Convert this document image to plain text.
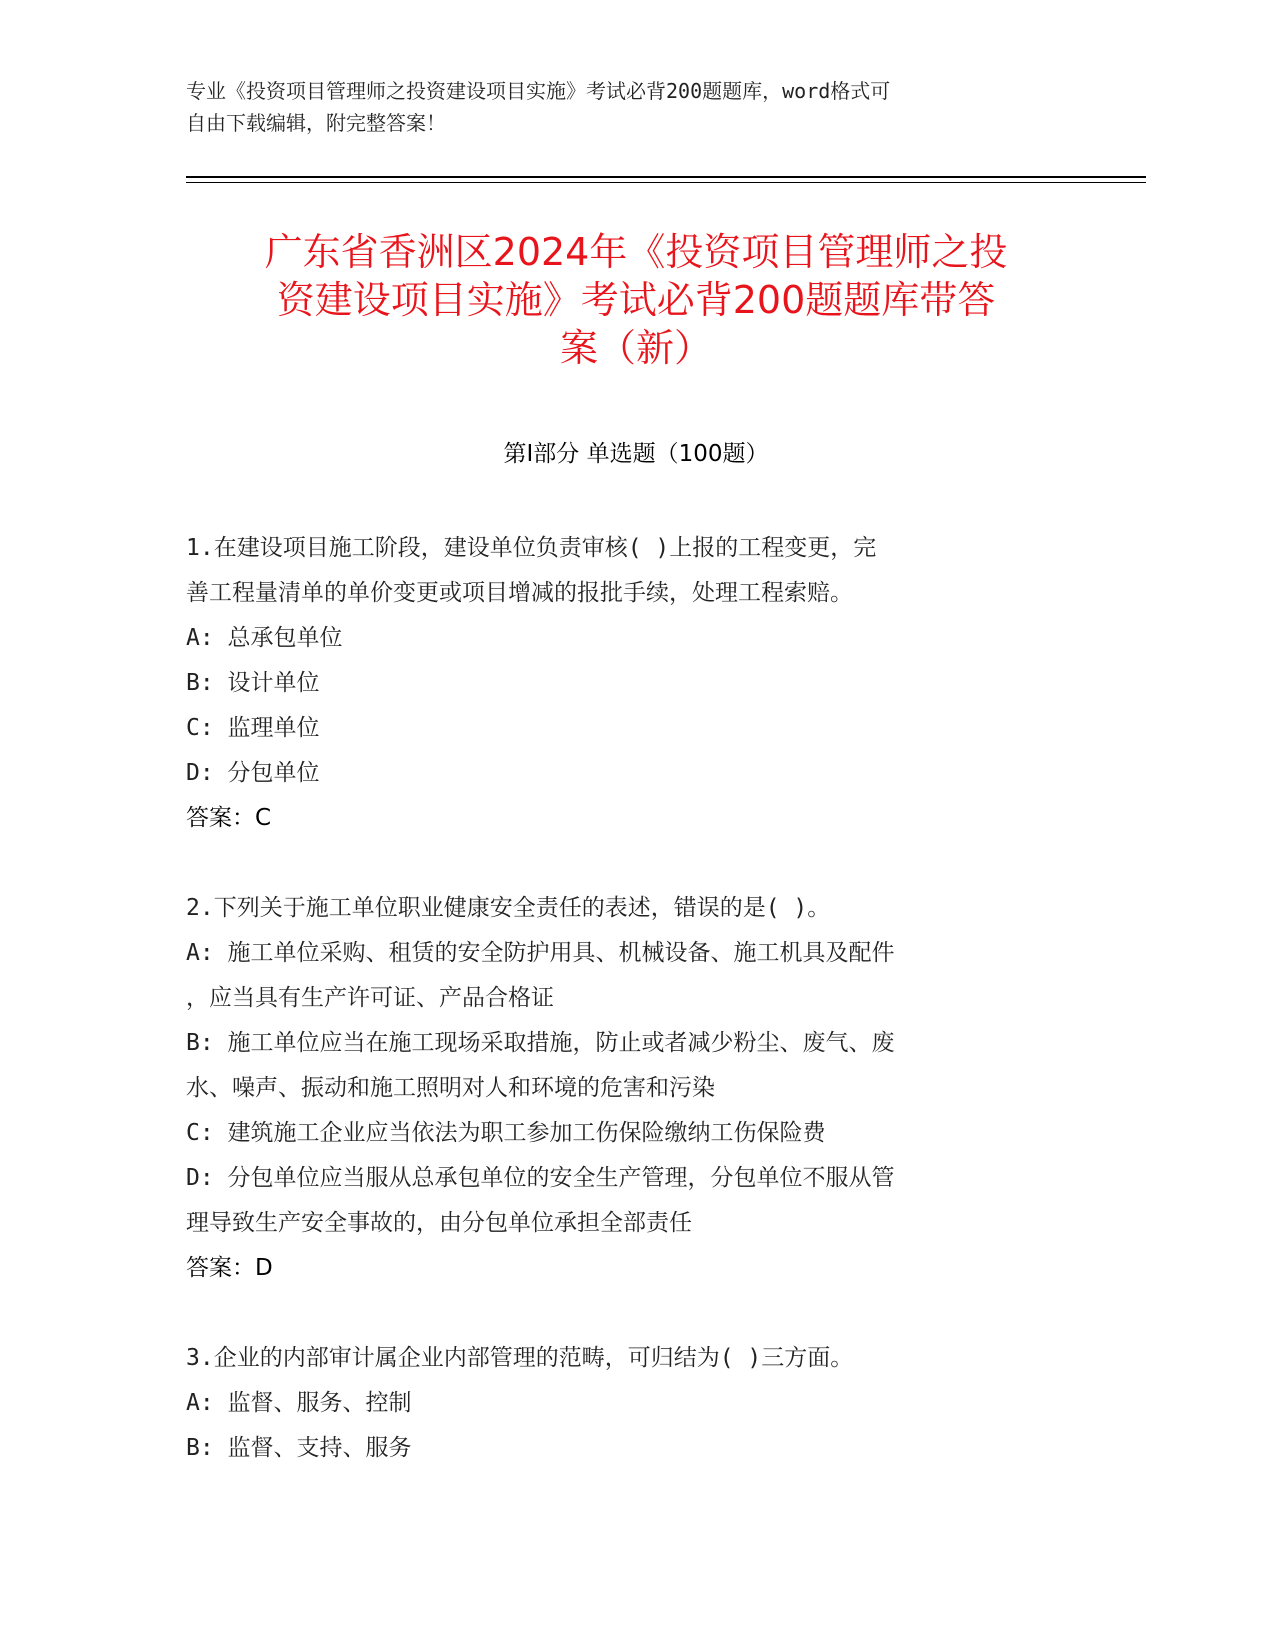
专业《投资项目管理师之投资建设项目实施》考试必背200题题库，word格式可
自由下载编辑，附完整答案！
广东省香洲区2024年《投资项目管理师之投
资建设项目实施》考试必背200题题库带答
案（新）
第Ⅰ部分 单选题（100题）
1.在建设项目施工阶段，建设单位负责审核( )上报的工程变更，完
善工程量清单的单价变更或项目增减的报批手续，处理工程索赔。
A: 总承包单位
B: 设计单位
C: 监理单位
D: 分包单位
答案：C
2.下列关于施工单位职业健康安全责任的表述，错误的是( )。
A: 施工单位采购、租赁的安全防护用具、机械设备、施工机具及配件
，应当具有生产许可证、产品合格证
B: 施工单位应当在施工现场采取措施，防止或者减少粉尘、废气、废
水、噪声、振动和施工照明对人和环境的危害和污染
C: 建筑施工企业应当依法为职工参加工伤保险缴纳工伤保险费
D: 分包单位应当服从总承包单位的安全生产管理，分包单位不服从管
理导致生产安全事故的，由分包单位承担全部责任
答案：D
3.企业的内部审计属企业内部管理的范畴，可归结为( )三方面。
A: 监督、服务、控制
B: 监督、支持、服务
